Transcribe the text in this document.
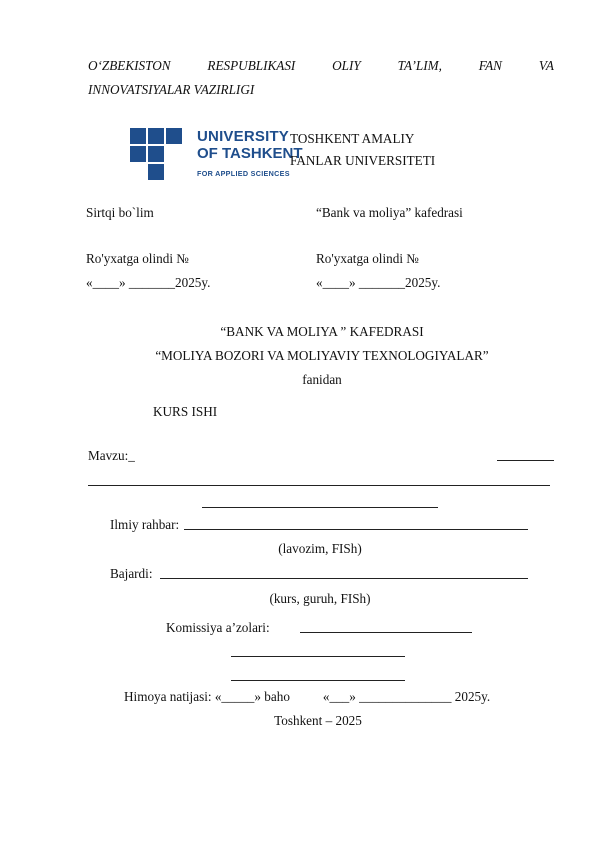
O‘ZBEKISTON	RESPUBLIKASI	OLIY	TA’LIM,	FAN	VA
INNOVATSIYALAR VAZIRLIGI
UNIVERSITY
OF TASHKENT
FOR APPLIED SCIENCES
TOSHKENT AMALIY
FANLAR UNIVERSITETI
Sirtqi bo`lim	“Bank va moliya” kafedrasi
Ro'yxatga olindi №	Ro'yxatga olindi №
«____» _______2025y.	«____» _______2025y.
“BANK VA MOLIYA ” KAFEDRASI
“MOLIYA BOZORI VA MOLIYAVIY TEXNOLOGIYALAR”
fanidan
KURS ISHI
Mavzu:_
Ilmiy rahbar:
(lavozim, FISh)
Bajardi:
(kurs, guruh, FISh)
Komissiya a’zolari:
Himoya natijasi: «_____» baho          «___» ______________ 2025y.
Toshkent – 2025
